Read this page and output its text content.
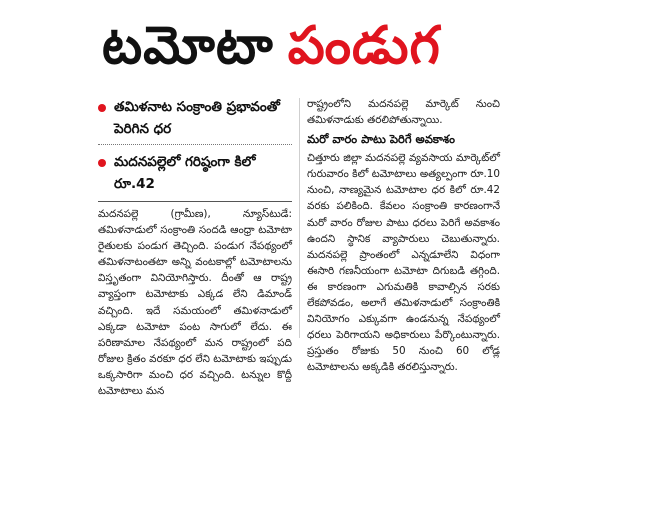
టమోటా పండుగ
తమిళనాట సంక్రాంతి ప్రభావంతో పెరిగిన ధర
మదనపల్లెలో గరిష్ఠంగా కిలో రూ.42

మదనపల్లె (గ్రామీణ), న్యూస్‌టుడే: తమిళనాడులో సంక్రాంతి సందడి ఆంధ్రా టమోటా రైతులకు పండుగ తెచ్చింది. పండుగ నేపథ్యంలో తమిళనాటంతటా అన్ని వంటకాల్లో టమోటాలను విస్తృతంగా వినియోగిస్తారు. దీంతో ఆ రాష్ట్ర వ్యాప్తంగా టమోటాకు ఎక్కడ లేని డిమాండ్ వచ్చింది. ఇదే సమయంలో తమిళనాడులో ఎక్కడా టమోటా పంట సాగులో లేదు. ఈ పరిణామాల నేపథ్యంలో మన రాష్ట్రంలో పది రోజుల క్రితం వరకూ ధర లేని టమోటాకు ఇప్పుడు ఒక్కసారిగా మంచి ధర వచ్చింది. టన్నుల కొద్దీ టమోటాలు మన

రాష్ట్రంలోని మదనపల్లె మార్కెట్ నుంచి తమిళనాడుకు తరలిపోతున్నాయి.

మరో వారం పాటు పెరిగే అవకాశం

చిత్తూరు జిల్లా మదనపల్లె వ్యవసాయ మార్కెట్‌లో గురువారం కిలో టమోటాలు అత్యల్పంగా రూ.10 నుంచి, నాణ్యమైన టమోటాల ధర కిలో రూ.42 వరకు పలికింది. కేవలం సంక్రాంతి కారణంగానే మరో వారం రోజుల పాటు ధరలు పెరిగే అవకాశం ఉందని స్థానిక వ్యాపారులు చెబుతున్నారు. మదనపల్లె ప్రాంతంలో ఎన్నడూలేని విధంగా ఈసారి గణనీయంగా టమోటా దిగుబడి తగ్గింది. ఈ కారణంగా ఎగుమతికి కావాల్సిన సరకు లేకపోవడం, అలాగే తమిళనాడులో సంక్రాంతికి వినియోగం ఎక్కువగా ఉండనున్న నేపథ్యంలో ధరలు పెరిగాయని అధికారులు పేర్కొంటున్నారు. ప్రస్తుతం రోజుకు 50 నుంచి 60 లోడ్ల టమోటాలను అక్కడికి తరలిస్తున్నారు.
